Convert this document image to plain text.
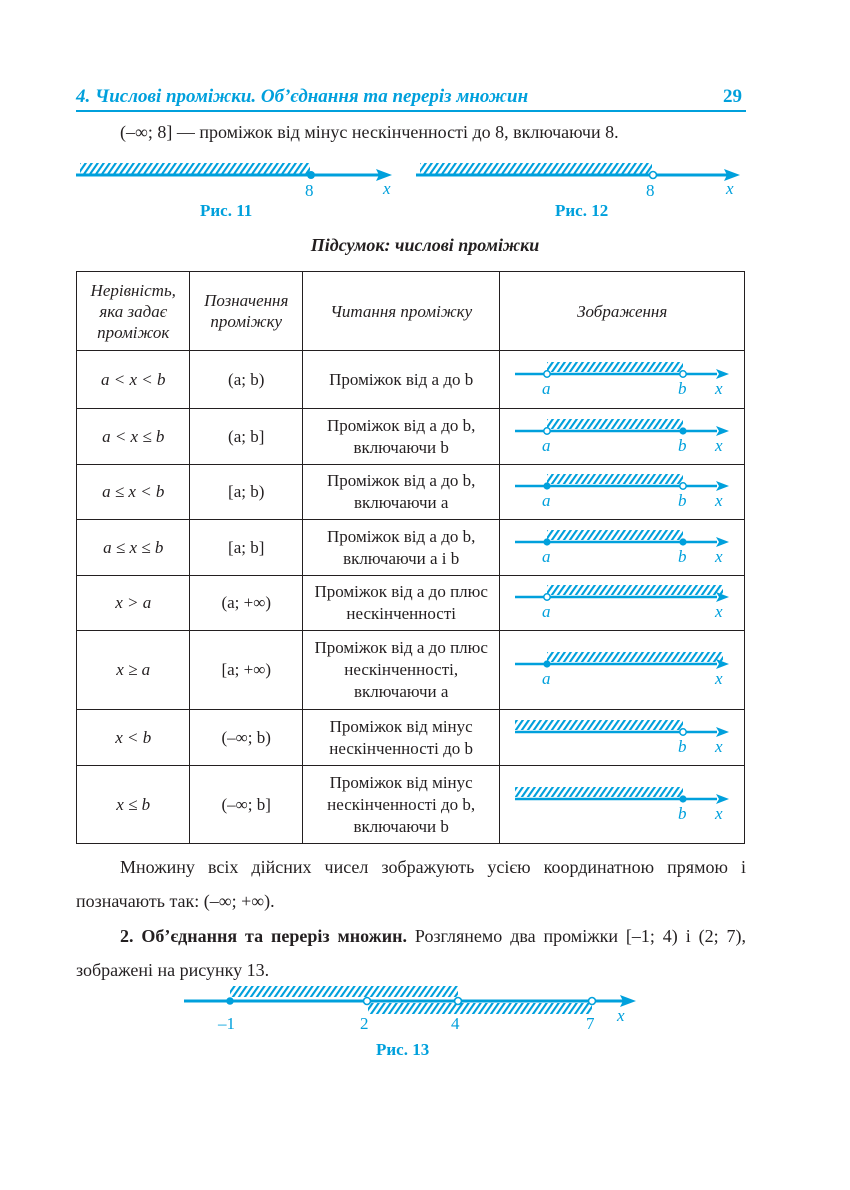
4. Числові проміжки. Об’єднання та переріз множин	29
(–∞; 8] — проміжок від мінус нескінченності до 8, включаючи 8.
8	x
Рис. 11
8	x
Рис. 12
Підсумок: числові проміжки
Нерівність, яка задає проміжок	Позначення проміжку	Читання проміжку	Зображення
a < x < b	(a; b)	Проміжок від a до b	a b x

a < x ≤ b	(a; b]	Проміжок від a до b, включаючи b	a b x

a ≤ x < b	[a; b)	Проміжок від a до b, включаючи a	a b x

a ≤ x ≤ b	[a; b]	Проміжок від a до b, включаючи a і b	a b x

x > a	(a; +∞)	Проміжок від a до плюс нескінченності	a x

x ≥ a	[a; +∞)	Проміжок від a до плюс нескінченності, включаючи a	a x

x < b	(–∞; b)	Проміжок від мінус нескінченності до b	b x

x ≤ b	(–∞; b]	Проміжок від мінус нескінченності до b, включаючи b	b x
Множину всіх дійсних чисел зображують усією координатною прямою і позначають так: (–∞; +∞).
2. Об’єднання та переріз множин. Розглянемо два проміжки [–1; 4) і (2; 7), зображені на рисунку 13.
–1	2	4	7 x
Рис. 13
